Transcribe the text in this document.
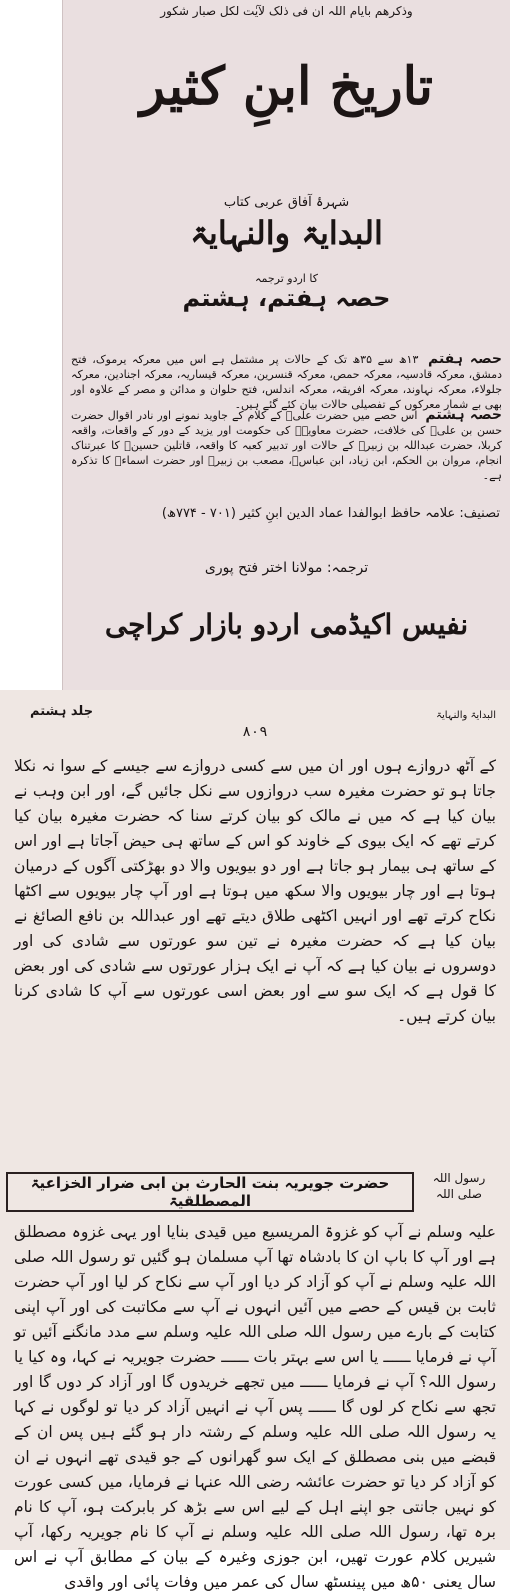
وذکرھم بایام اللہ ان فی ذلک لآیٰت لکل صبار شکور
تاریخ ابنِ کثیر
شہرۂ آفاق عربی کتاب
البدایۃ والنہایۃ
کا اردو ترجمہ
حصہ ہفتم، ہشتم
حصہ ہفتم ۱۳ھ سے ۳۵ھ تک کے حالات پر مشتمل ہے اس میں معرکہ یرموک، فتح دمشق، معرکہ قادسیہ، معرکہ حمص، معرکہ قنسرین، معرکہ قیساریہ، معرکہ اجنادین، معرکہ جلولاء، معرکہ نہاوند، معرکہ افریقہ، معرکہ اندلس، فتح حلوان و مدائن و مصر کے علاوہ اور بھی بے شمار معرکوں کے تفصیلی حالات بیان کئے گئے ہیں۔
حصہ ہشتم اس حصے میں حضرت علیؓ کے کلام کے جاوید نمونے اور نادر اقوال حضرت حسن بن علیؓ کی خلافت، حضرت معاویہؓ کی حکومت اور یزید کے دور کے واقعات، واقعہ کربلا، حضرت عبداللہ بن زبیرؓ کے حالات اور تدبیر کعبہ کا واقعہ، قاتلین حسینؓ کا عبرتناک انجام، مروان بن الحکم، ابن زیاد، ابن عباسؓ، مصعب بن زبیرؓ اور حضرت اسماءؓ کا تذکرہ ہے۔
تصنیف: علامہ حافظ ابوالفدا عماد الدین ابنِ کثیر (۷۰۱ - ۷۷۴ھ)
ترجمہ: مولانا اختر فتح پوری
نفیس اکیڈمی اردو بازار کراچی
البدایۃ والنہایۃ
جلد ہشتم
۸۰۹
کے آٹھ دروازے ہوں اور ان میں سے کسی دروازے سے جیسے کے سوا نہ نکلا جاتا ہو تو حضرت مغیرہ سب دروازوں سے نکل جائیں گے، اور ابن وہب نے بیان کیا ہے کہ میں نے مالک کو بیان کرتے سنا کہ حضرت مغیرہ بیان کیا کرتے تھے کہ ایک بیوی کے خاوند کو اس کے ساتھ ہی حیض آجاتا ہے اور اس کے ساتھ ہی بیمار ہو جاتا ہے اور دو بیویوں والا دو بھڑکتی آگوں کے درمیان ہوتا ہے اور چار بیویوں والا سکھ میں ہوتا ہے اور آپ چار بیویوں سے اکٹھا نکاح کرتے تھے اور انہیں اکٹھی طلاق دیتے تھے اور عبداللہ بن نافع الصائغ نے بیان کیا ہے کہ حضرت مغیرہ نے تین سو عورتوں سے شادی کی اور دوسروں نے بیان کیا ہے کہ آپ نے ایک ہزار عورتوں سے شادی کی اور بعض کا قول ہے کہ ایک سو سے اور بعض اسی عورتوں سے آپ کا شادی کرنا بیان کرتے ہیں۔
رسول اللہ صلی اللہ
حضرت جویریہ بنت الحارث بن ابی ضرار الخزاعیۃ المصطلقیۃ
علیہ وسلم نے آپ کو غزوۃ المریسیع میں قیدی بنایا اور یہی غزوہ مصطلق ہے اور آپ کا باپ ان کا بادشاہ تھا آپ مسلمان ہو گئیں تو رسول اللہ صلی اللہ علیہ وسلم نے آپ کو آزاد کر دیا اور آپ سے نکاح کر لیا اور آپ حضرت ثابت بن قیس کے حصے میں آئیں انہوں نے آپ سے مکاتبت کی اور آپ اپنی کتابت کے بارے میں رسول اللہ صلی اللہ علیہ وسلم سے مدد مانگنے آئیں تو آپ نے فرمایا ــــــ یا اس سے بہتر بات ــــــ حضرت جویریہ نے کہا، وہ کیا یا رسول اللہ؟ آپ نے فرمایا ــــــ میں تجھے خریدوں گا اور آزاد کر دوں گا اور تجھ سے نکاح کر لوں گا ــــــ پس آپ نے انہیں آزاد کر دیا تو لوگوں نے کہا یہ رسول اللہ صلی اللہ علیہ وسلم کے رشتہ دار ہو گئے ہیں پس ان کے قبضے میں بنی مصطلق کے ایک سو گھرانوں کے جو قیدی تھے انہوں نے ان کو آزاد کر دیا تو حضرت عائشہ رضی اللہ عنہا نے فرمایا، میں کسی عورت کو نہیں جانتی جو اپنے اہل کے لیے اس سے بڑھ کر بابرکت ہو، آپ کا نام برہ تھا، رسول اللہ صلی اللہ علیہ وسلم نے آپ کا نام جویریہ رکھا، آپ شیریں کلام عورت تھیں، ابن جوزی وغیرہ کے بیان کے مطابق آپ نے اس سال یعنی ۵۰ھ میں پینسٹھ سال کی عمر میں وفات پائی اور واقدی
